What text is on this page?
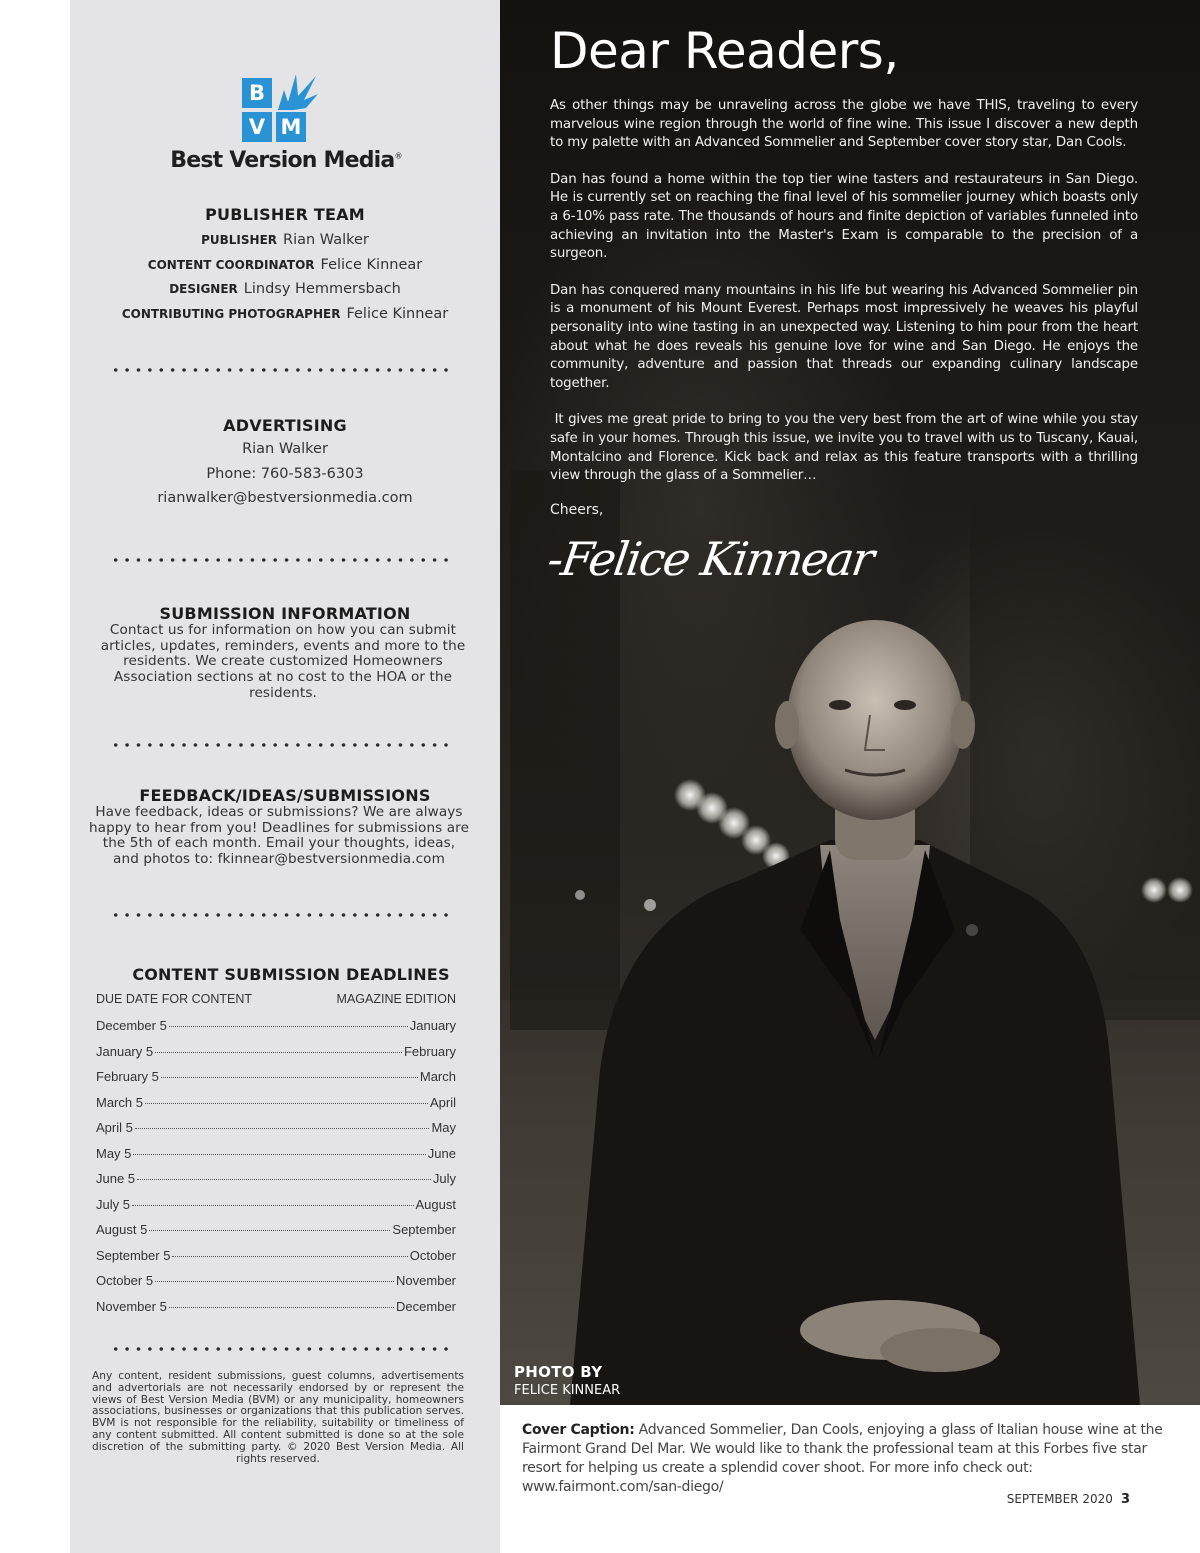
B
V M
Best Version Media®
PUBLISHER TEAM
PUBLISHER Rian Walker
CONTENT COORDINATOR Felice Kinnear
DESIGNER Lindsy Hemmersbach
CONTRIBUTING PHOTOGRAPHER Felice Kinnear
ADVERTISING
Rian Walker
Phone: 760-583-6303
rianwalker@bestversionmedia.com
SUBMISSION INFORMATION
Contact us for information on how you can submit articles, updates, reminders, events and more to the residents. We create customized Homeowners Association sections at no cost to the HOA or the residents.
FEEDBACK/IDEAS/SUBMISSIONS
Have feedback, ideas or submissions? We are always happy to hear from you! Deadlines for submissions are the 5th of each month. Email your thoughts, ideas, and photos to: fkinnear@bestversionmedia.com
CONTENT SUBMISSION DEADLINES
DUE DATE FOR CONTENT	MAGAZINE EDITION
December 5	January
January 5	February
February 5	March
March 5	April
April 5	May
May 5	June
June 5	July
July 5	August
August 5	September
September 5	October
October 5	November
November 5	December
Any content, resident submissions, guest columns, advertisements and advertorials are not necessarily endorsed by or represent the views of Best Version Media (BVM) or any municipality, homeowners associations, businesses or organizations that this publication serves. BVM is not responsible for the reliability, suitability or timeliness of any content submitted. All content submitted is done so at the sole discretion of the submitting party. © 2020 Best Version Media. All rights reserved.
Dear Readers,

As other things may be unraveling across the globe we have THIS, traveling to every marvelous wine region through the world of fine wine. This issue I discover a new depth to my palette with an Advanced Sommelier and September cover story star, Dan Cools.

Dan has found a home within the top tier wine tasters and restaurateurs in San Diego. He is currently set on reaching the final level of his sommelier journey which boasts only a 6-10% pass rate. The thousands of hours and finite depiction of variables funneled into achieving an invitation into the Master's Exam is comparable to the precision of a surgeon.

Dan has conquered many mountains in his life but wearing his Advanced Sommelier pin is a monument of his Mount Everest. Perhaps most impressively he weaves his playful personality into wine tasting in an unexpected way. Listening to him pour from the heart about what he does reveals his genuine love for wine and San Diego. He enjoys the community, adventure and passion that threads our expanding culinary landscape together.

It gives me great pride to bring to you the very best from the art of wine while you stay safe in your homes. Through this issue, we invite you to travel with us to Tuscany, Kauai, Montalcino and Florence. Kick back and relax as this feature transports with a thrilling view through the glass of a Sommelier…

Cheers,
-Felice Kinnear
PHOTO BY
FELICE KINNEAR
Cover Caption: Advanced Sommelier, Dan Cools, enjoying a glass of Italian house wine at the Fairmont Grand Del Mar. We would like to thank the professional team at this Forbes five star resort for helping us create a splendid cover shoot. For more info check out: www.fairmont.com/san-diego/
SEPTEMBER 2020 3
